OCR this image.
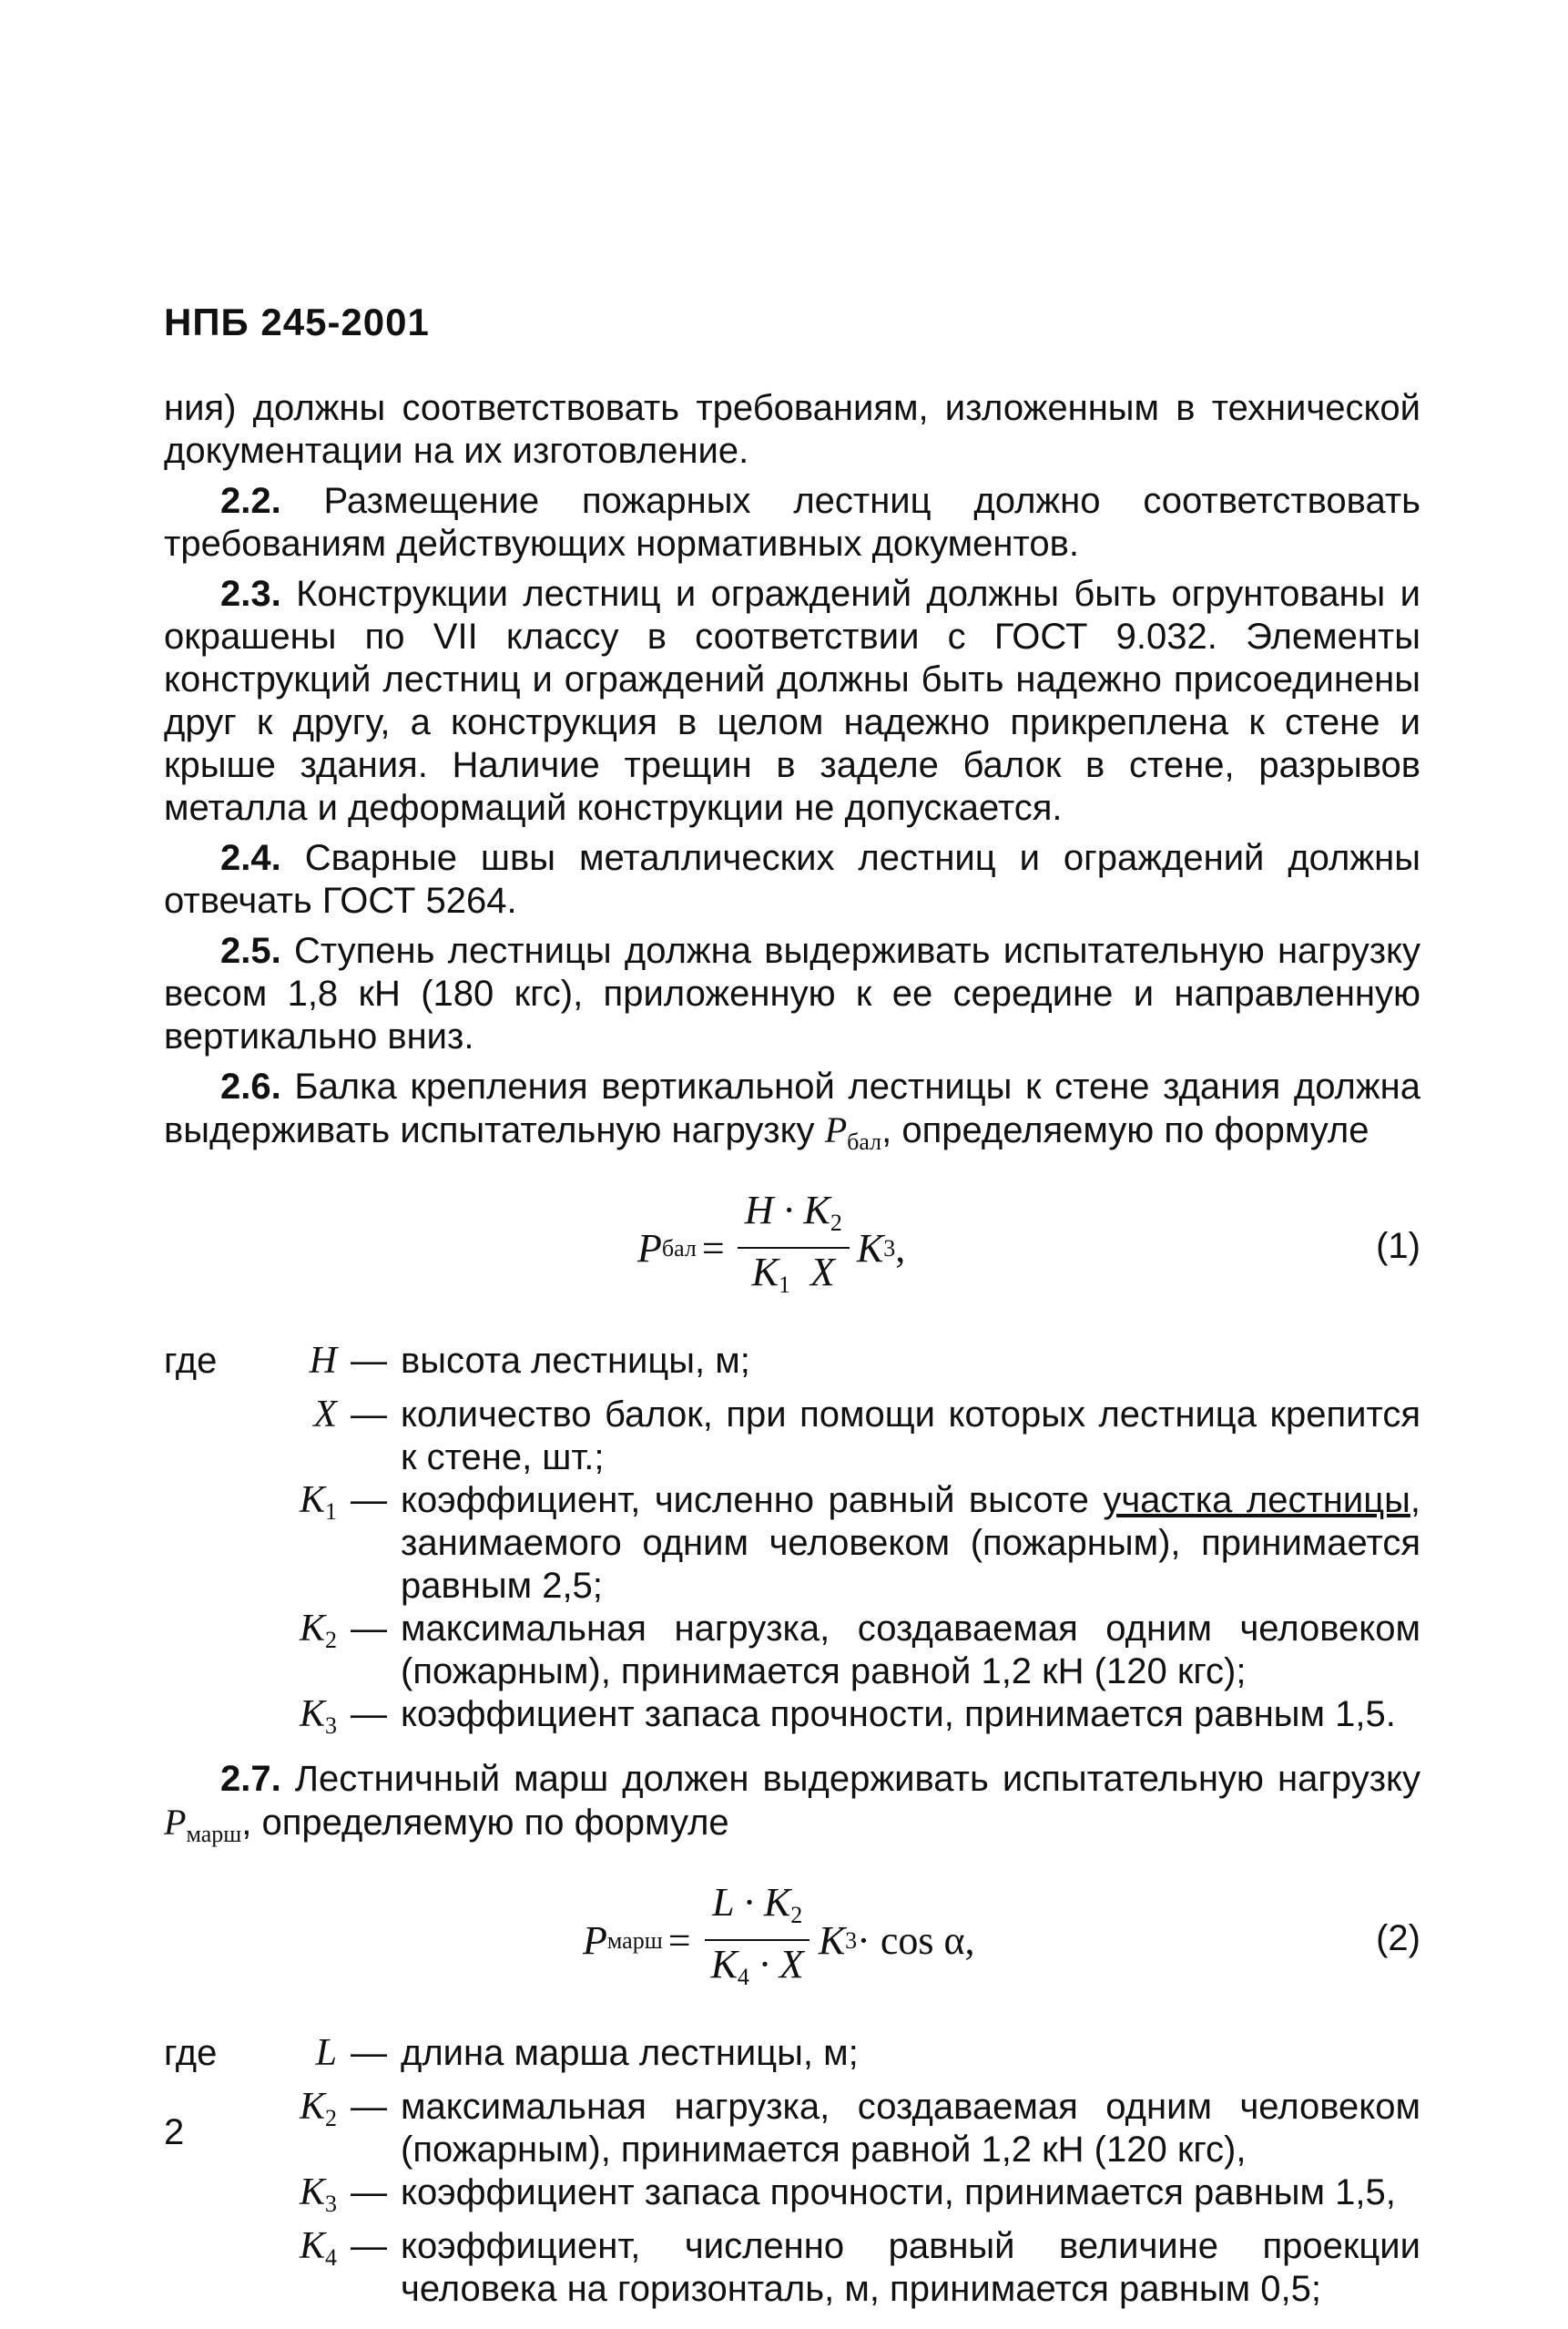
НПБ 245-2001

ния) должны соответствовать требованиям, изложенным в технической документации на их изготовление.

2.2. Размещение пожарных лестниц должно соответствовать требованиям действующих нормативных документов.

2.3. Конструкции лестниц и ограждений должны быть огрунтованы и окрашены по VII классу в соответствии с ГОСТ 9.032. Элементы конструкций лестниц и ограждений должны быть надежно присоединены друг к другу, а конструкция в целом надежно прикреплена к стене и крыше здания. Наличие трещин в заделе балок в стене, разрывов металла и деформаций конструкции не допускается.

2.4. Сварные швы металлических лестниц и ограждений должны отвечать ГОСТ 5264.

2.5. Ступень лестницы должна выдерживать испытательную нагрузку весом 1,8 кН (180 кгс), приложенную к ее середине и направленную вертикально вниз.

2.6. Балка крепления вертикальной лестницы к стене здания должна выдерживать испытательную нагрузку $P_{бал}$, определяемую по формуле

P бал = $\frac{H \cdot K_2}{K_1 X}$ K 3 ,	(1)
где	H — высота лестницы, м;
X — количество балок, при помощи которых лестница крепится к стене, шт.;
$K_1$ — коэффициент, численно равный высоте участка лестницы, занимаемого одним человеком (пожарным), принимается равным 2,5;
$K_2$ — максимальная нагрузка, создаваемая одним человеком (пожарным), принимается равной 1,2 кН (120 кгс);
$K_3$ — коэффициент запаса прочности, принимается равным 1,5.

2.7. Лестничный марш должен выдерживать испытательную нагрузку $P_{марш}$, определяемую по формуле

P марш = $\frac{L \cdot K_2}{K_4 \cdot X}$ K 3 · cos α,	(2)
где	L — длина марша лестницы, м;
$K_2$ — максимальная нагрузка, создаваемая одним человеком (пожарным), принимается равной 1,2 кН (120 кгс),
$K_3$ — коэффициент запаса прочности, принимается равным 1,5,
$K_4$ — коэффициент, численно равный величине проекции человека на горизонталь, м, принимается равным 0,5;
2
